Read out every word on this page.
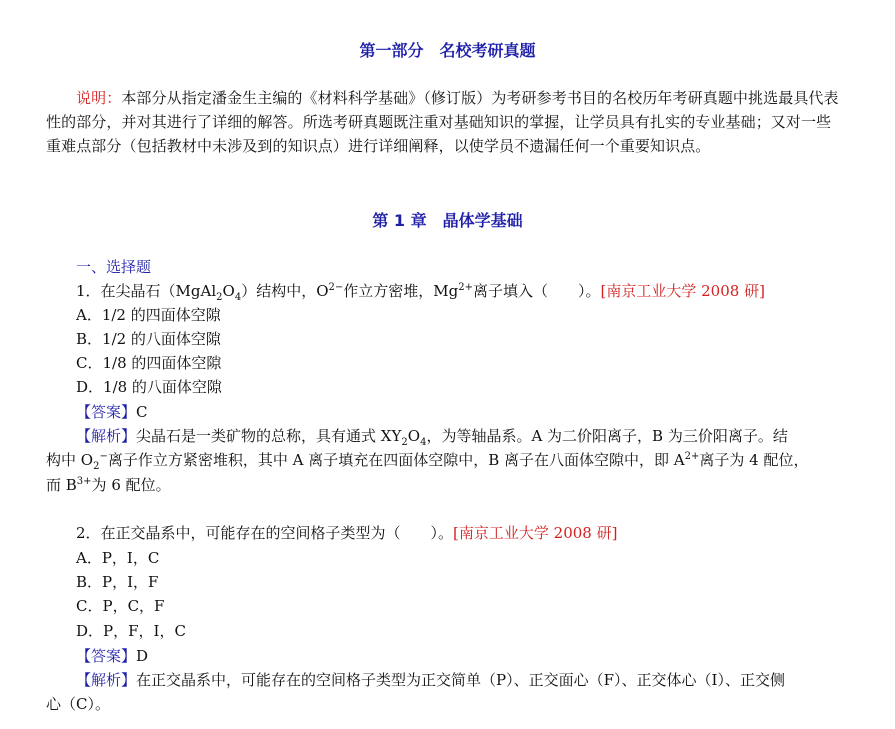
第一部分　名校考研真题
说明：本部分从指定潘金生主编的《材料科学基础》（修订版）为考研参考书目的名校历年考研真题中挑选最具代表性的部分，并对其进行了详细的解答。所选考研真题既注重对基础知识的掌握，让学员具有扎实的专业基础；又对一些重难点部分（包括教材中未涉及到的知识点）进行详细阐释，以使学员不遗漏任何一个重要知识点。
第 1 章　晶体学基础
一、选择题
1．在尖晶石$(MgAl_2O_4)$结构中，$O^{2-}$作立方密堆，$Mg^{2+}$离子填入（　　）。[南京工业大学 2008 研]
A．1/2 的四面体空隙
B．1/2 的八面体空隙
C．1/8 的四面体空隙
D．1/8 的八面体空隙
【答案】C
【解析】尖晶石是一类矿物的总称，具有通式 $XY_2O_4$，为等轴晶系。A 为二价阳离子，B 为三价阳离子。结
构中 $O_2^-$离子作立方紧密堆积，其中 A 离子填充在四面体空隙中，B 离子在八面体空隙中，即 $A^{2+}$离子为 4 配位，
而 $B^{3+}$为 6 配位。
2．在正交晶系中，可能存在的空间格子类型为（　　）。[南京工业大学 2008 研]
A．P，I，C
B．P，I，F
C．P，C，F
D．P，F，I，C
【答案】D
【解析】在正交晶系中，可能存在的空间格子类型为正交简单（P）、正交面心（F）、正交体心（I）、正交侧
心（C）。
